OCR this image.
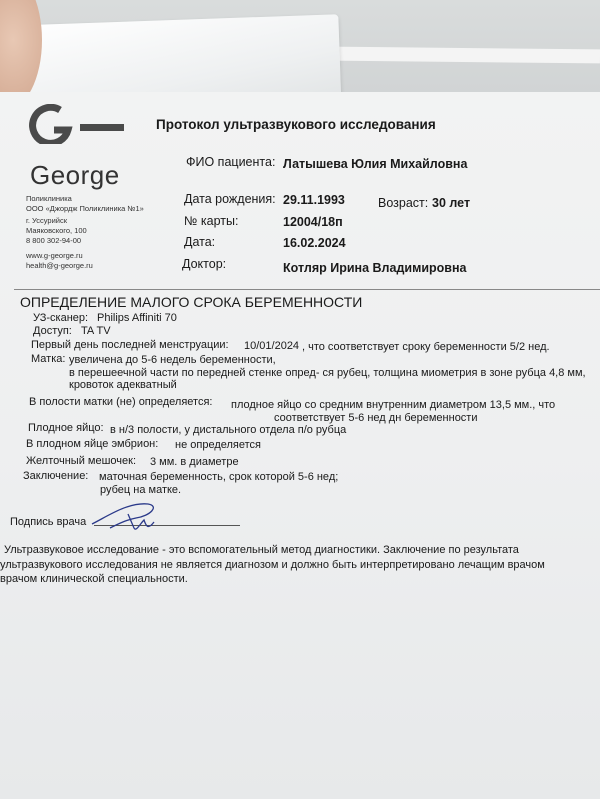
Протокол ультразвукового исследования
George
Поликлиника
ООО «Джордж Поликлиника №1»
г. Уссурийск
Маяковского, 100
8 800 302-94-00
www.g-george.ru
health@g-george.ru
ФИО пациента: Латышева Юлия Михайловна
Дата рождения: 29.11.1993	Возраст: 30 лет
№ карты:	12004/18п
Дата:	16.02.2024
Доктор:	Котляр Ирина Владимировна
ОПРЕДЕЛЕНИЕ МАЛОГО СРОКА БЕРЕМЕННОСТИ
УЗ-сканер: Philips Affiniti 70
Доступ: TA TV
Первый день последней менструации: 10/01/2024 , что соответствует сроку беременности 5/2 нед.
Матка: увеличена до 5-6 недель беременности,
в перешеечной части по передней стенке опред- ся рубец, толщина миометрия в зоне рубца 4,8 мм,
кровоток адекватный
В полости матки (не) определяется: плодное яйцо со средним внутренним диаметром 13,5 мм., что
соответствует 5-6 нед дн беременности
Плодное яйцо: в н/3 полости, у дистального отдела п/о рубца
В плодном яйце эмбрион: не определяется
Желточный мешочек: 3 мм. в диаметре
Заключение: маточная беременность, срок которой 5-6 нед;
рубец на матке.
Подпись врача
Ультразвуковое исследование - это вспомогательный метод диагностики. Заключение по результата
ультразвукового исследования не является диагнозом и должно быть интерпретировано лечащим врачом
врачом клинической специальности.
